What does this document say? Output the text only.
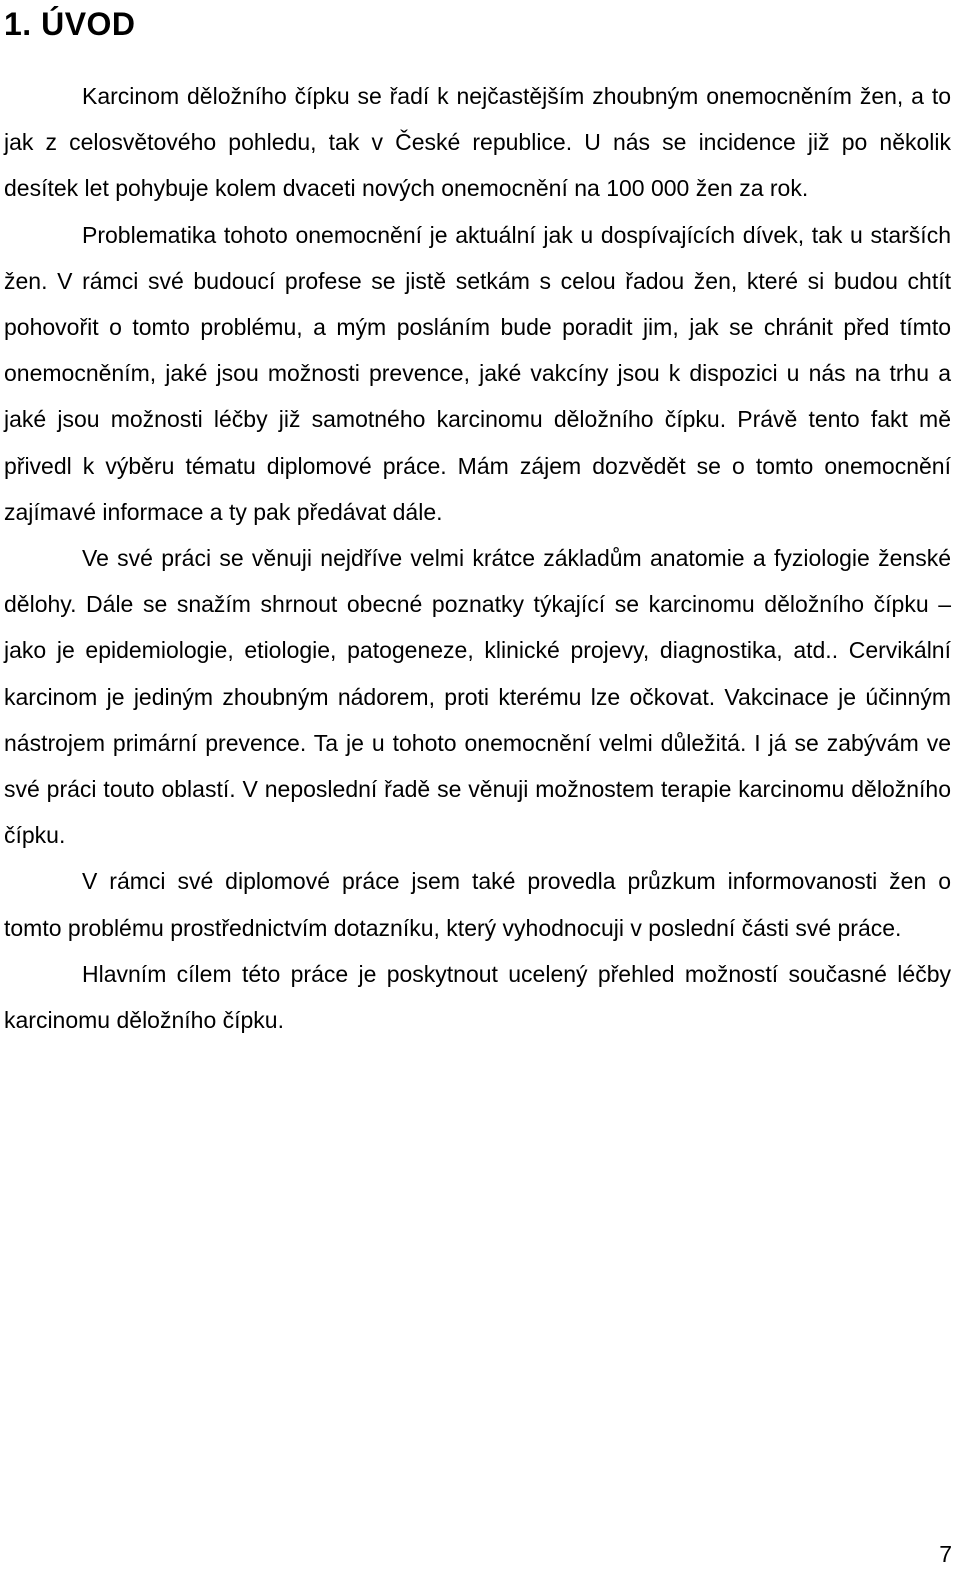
1. ÚVOD

Karcinom děložního čípku se řadí k nejčastějším zhoubným onemocněním žen, a to jak z celosvětového pohledu, tak v České republice. U nás se incidence již po několik desítek let pohybuje kolem dvaceti nových onemocnění na 100 000 žen za rok.

Problematika tohoto onemocnění je aktuální jak u dospívajících dívek, tak u starších žen. V rámci své budoucí profese se jistě setkám s celou řadou žen, které si budou chtít pohovořit o tomto problému, a mým posláním bude poradit jim, jak se chránit před tímto onemocněním, jaké jsou možnosti prevence, jaké vakcíny jsou k dispozici u nás na trhu a jaké jsou možnosti léčby již samotného karcinomu děložního čípku. Právě tento fakt mě přivedl k výběru tématu diplomové práce. Mám zájem dozvědět se o tomto onemocnění zajímavé informace a ty pak předávat dále.

Ve své práci se věnuji nejdříve velmi krátce základům anatomie a fyziologie ženské dělohy. Dále se snažím shrnout obecné poznatky týkající se karcinomu děložního čípku – jako je epidemiologie, etiologie, patogeneze, klinické projevy, diagnostika, atd.. Cervikální karcinom je jediným zhoubným nádorem, proti kterému lze očkovat. Vakcinace je účinným nástrojem primární prevence. Ta je u tohoto onemocnění velmi důležitá. I já se zabývám ve své práci touto oblastí. V neposlední řadě se věnuji možnostem terapie karcinomu děložního čípku.

V rámci své diplomové práce jsem také provedla průzkum informovanosti žen o tomto problému prostřednictvím dotazníku, který vyhodnocuji v poslední části své práce.

Hlavním cílem této práce je poskytnout ucelený přehled možností současné léčby karcinomu děložního čípku.

7
